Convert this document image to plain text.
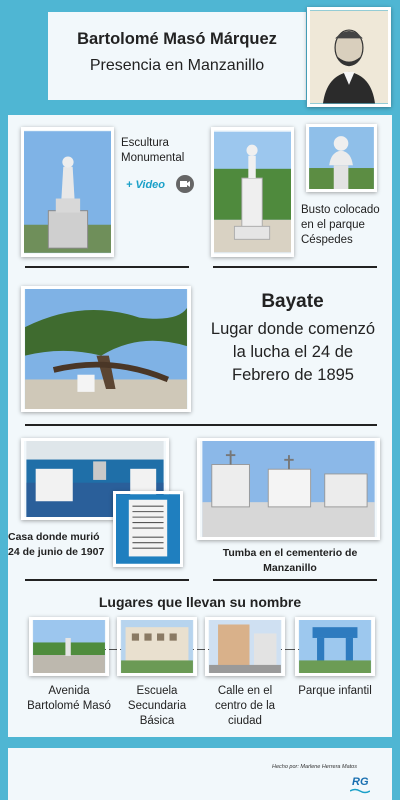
Bartolomé Masó Márquez
Presencia en Manzanillo
Escultura Monumental
+ Video
Busto colocado en el parque Céspedes
Bayate
Lugar donde comenzó la lucha el 24 de Febrero de 1895
Casa donde murió 24 de junio de 1907	Tumba en el cementerio de Manzanillo
Lugares que llevan su nombre
Avenida Bartolomé Masó
Escuela Secundaria Básica
Calle en el centro de la ciudad
Parque infantil
Hecho por: Marlene Herrera Matos
RG
